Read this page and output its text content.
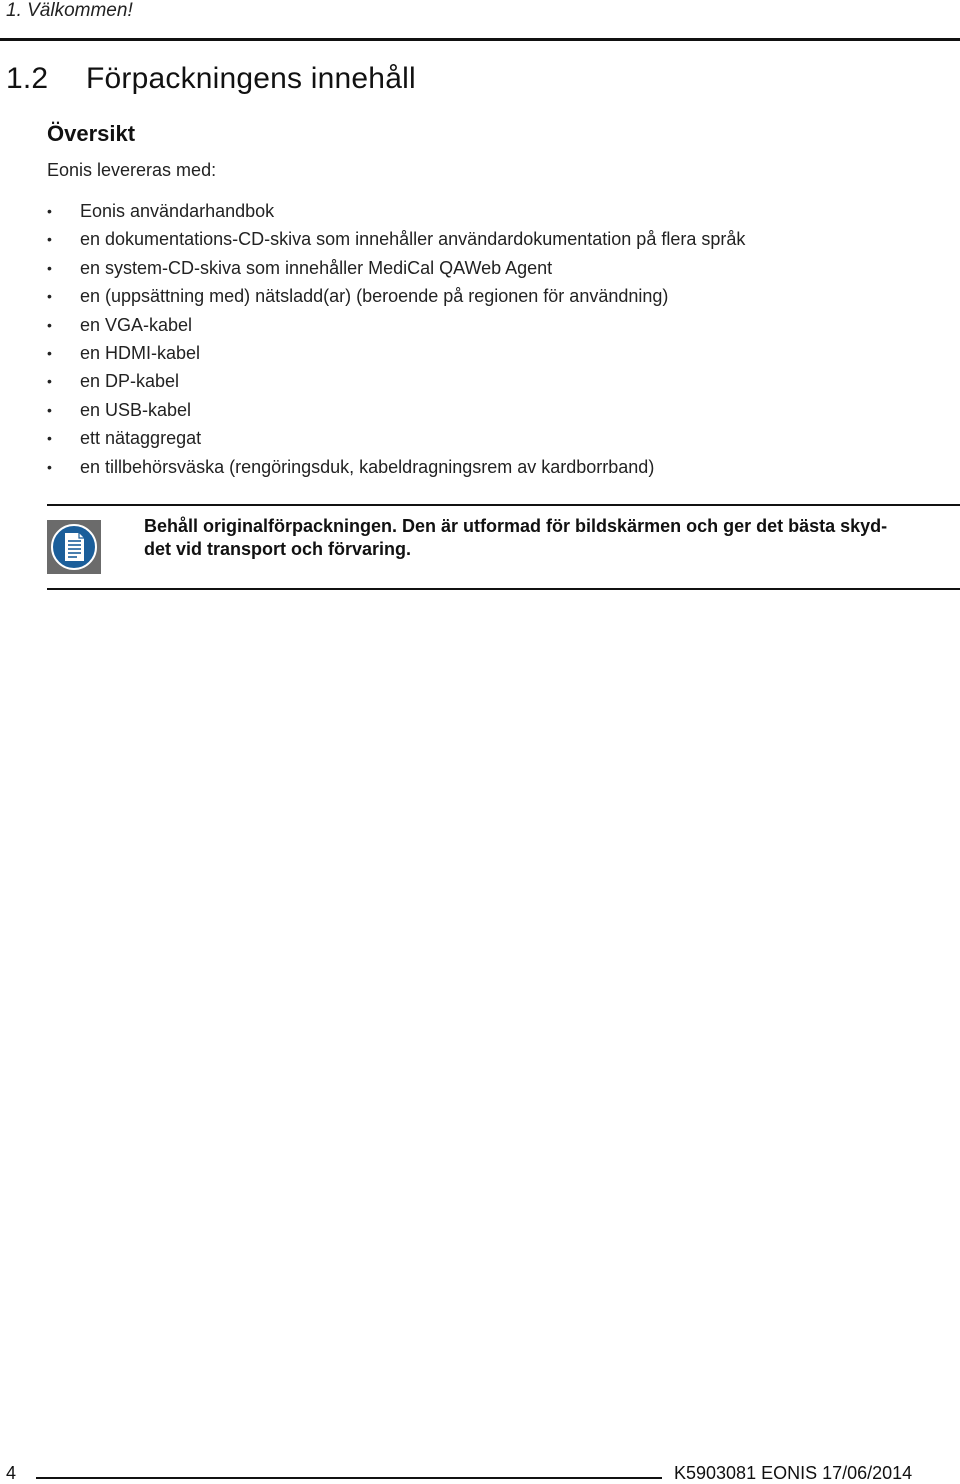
1. Välkommen!
1.2 Förpackningens innehåll
Översikt
Eonis levereras med:
• Eonis användarhandbok
• en dokumentations-CD-skiva som innehåller användardokumentation på flera språk
• en system-CD-skiva som innehåller MediCal QAWeb Agent
• en (uppsättning med) nätsladd(ar) (beroende på regionen för användning)
• en VGA-kabel
• en HDMI-kabel
• en DP-kabel
• en USB-kabel
• ett nätaggregat
• en tillbehörsväska (rengöringsduk, kabeldragningsrem av kardborrband)
Behåll originalförpackningen. Den är utformad för bildskärmen och ger det bästa skyd-
det vid transport och förvaring.
4	K5903081 EONIS 17/06/2014
